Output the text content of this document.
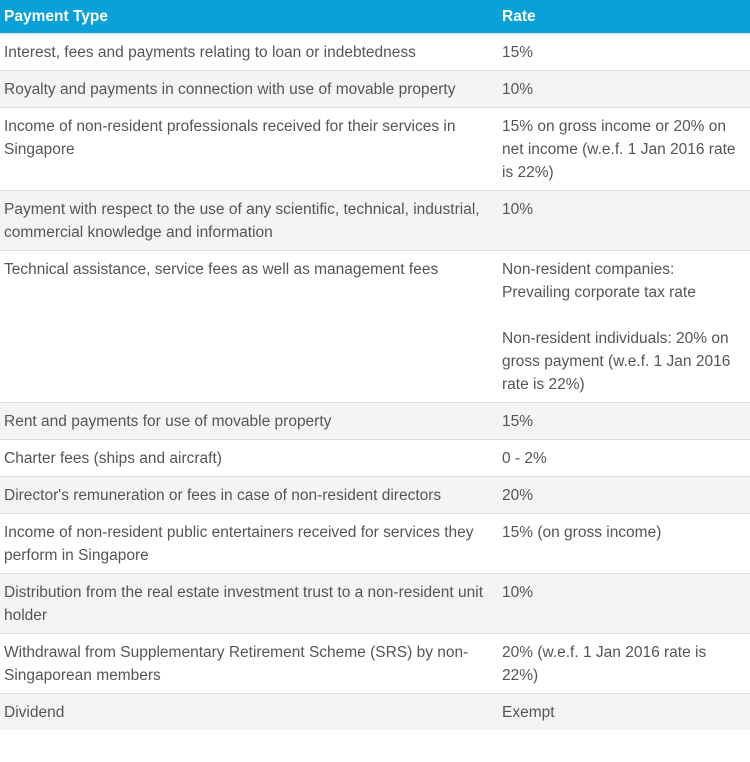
Payment Type	Rate
Interest, fees and payments relating to loan or indebtedness	15%

Royalty and payments in connection with use of movable property	10%

Income of non-resident professionals received for their services in Singapore	15% on gross income or 20% on net income (w.e.f. 1 Jan 2016 rate is 22%)

Payment with respect to the use of any scientific, technical, industrial, commercial knowledge and information	10%

Technical assistance, service fees as well as management fees	Non-resident companies: Prevailing corporate tax rate
Non-resident individuals: 20% on gross payment (w.e.f. 1 Jan 2016 rate is 22%)

Rent and payments for use of movable property	15%

Charter fees (ships and aircraft)	0 - 2%

Director's remuneration or fees in case of non-resident directors	20%

Income of non-resident public entertainers received for services they perform in Singapore	15% (on gross income)

Distribution from the real estate investment trust to a non-resident unit holder	10%

Withdrawal from Supplementary Retirement Scheme (SRS) by non-Singaporean members	20% (w.e.f. 1 Jan 2016 rate is 22%)

Dividend	Exempt
